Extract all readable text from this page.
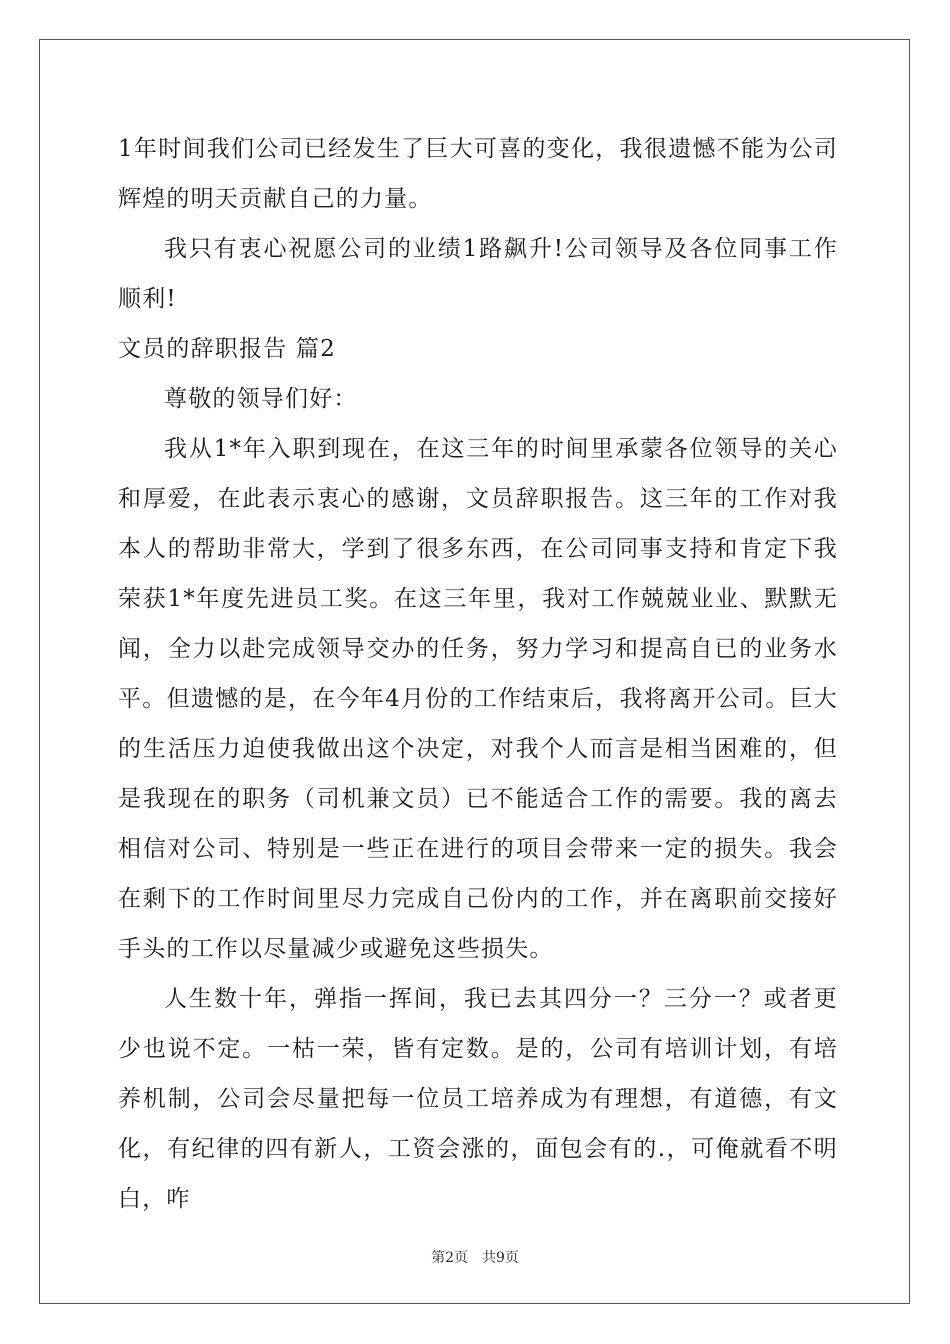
1年时间我们公司已经发生了巨大可喜的变化，我很遗憾不能为公司辉煌的明天贡献自己的力量。

我只有衷心祝愿公司的业绩1路飙升!公司领导及各位同事工作顺利!

文员的辞职报告 篇2

尊敬的领导们好：

我从1*年入职到现在，在这三年的时间里承蒙各位领导的关心和厚爱，在此表示衷心的感谢，文员辞职报告。这三年的工作对我本人的帮助非常大，学到了很多东西，在公司同事支持和肯定下我荣获1*年度先进员工奖。在这三年里，我对工作兢兢业业、默默无闻，全力以赴完成领导交办的任务，努力学习和提高自已的业务水平。但遗憾的是，在今年4月份的工作结束后，我将离开公司。巨大的生活压力迫使我做出这个决定，对我个人而言是相当困难的，但是我现在的职务（司机兼文员）已不能适合工作的需要。我的离去相信对公司、特别是一些正在进行的项目会带来一定的损失。我会在剩下的工作时间里尽力完成自己份内的工作，并在离职前交接好手头的工作以尽量减少或避免这些损失。

人生数十年，弹指一挥间，我已去其四分一？三分一？或者更少也说不定。一枯一荣，皆有定数。是的，公司有培训计划，有培养机制，公司会尽量把每一位员工培养成为有理想，有道德，有文化，有纪律的四有新人，工资会涨的，面包会有的.，可俺就看不明白，咋

第2页　共9页
